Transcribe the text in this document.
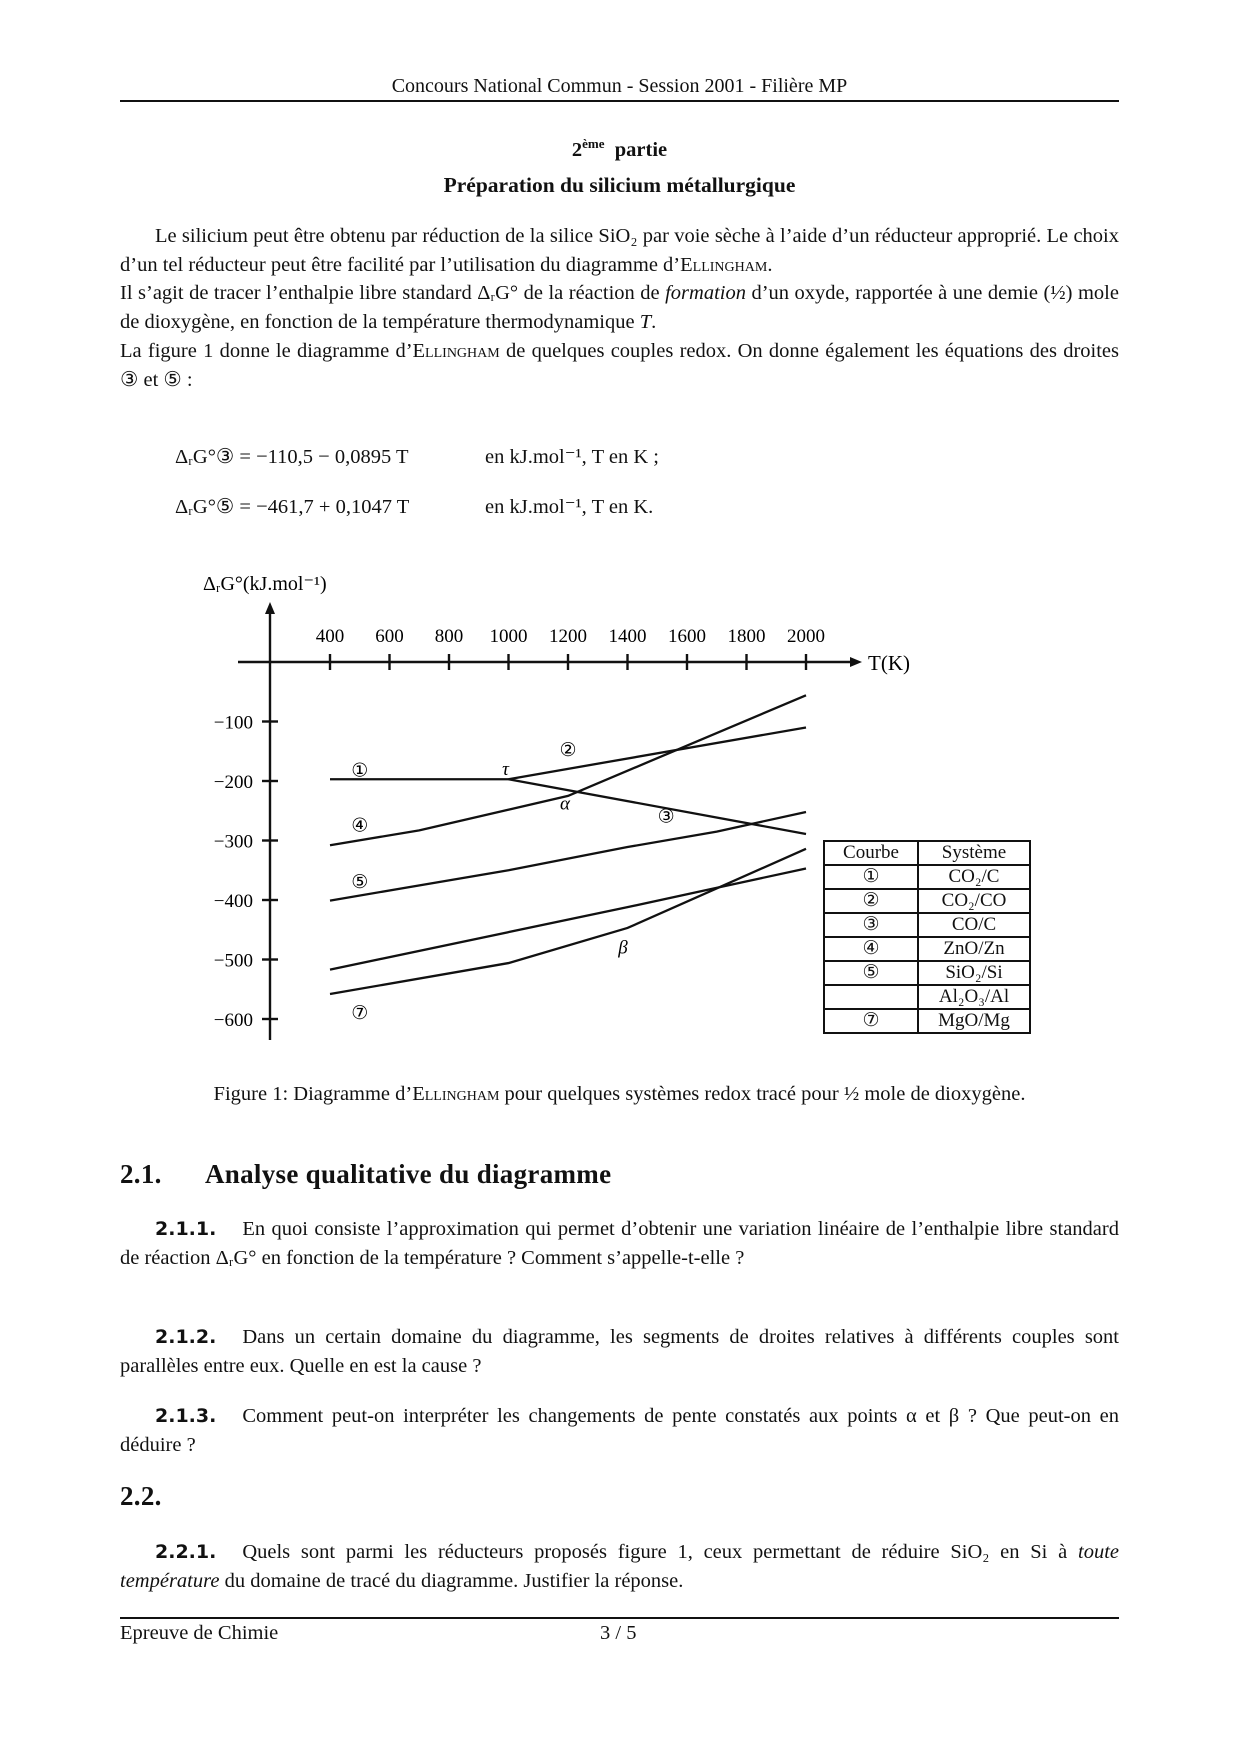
Concours National Commun - Session 2001 - Filière MP
2ème partie
Préparation du silicium métallurgique
Le silicium peut être obtenu par réduction de la silice SiO₂ par voie sèche à l’aide d’un réducteur approprié. Le choix d’un tel réducteur peut être facilité par l’utilisation du diagramme d’Ellingham.
Il s’agit de tracer l’enthalpie libre standard ΔᵣG° de la réaction de formation d’un oxyde, rapportée à une demie (½) mole de dioxygène, en fonction de la température thermodynamique T.
La figure 1 donne le diagramme d’Ellingham de quelques couples redox. On donne également les équations des droites ③ et ⑤ :
ΔᵣG°③ = −110,5 − 0,0895 T	en kJ.mol⁻¹, T en K ;
ΔᵣG°⑤ = −461,7 + 0,1047 T	en kJ.mol⁻¹, T en K.
ΔᵣG°(kJ.mol⁻¹)
T(K)
400 600 800 1000 1200 1400 1600 1800 2000
−100
−200
−300
−400
−500
−600
①
②
τ
α
③
④
⑤
β
⑦
Courbe	Système
①	CO₂/C
②	CO₂/CO
③	CO/C
④	ZnO/Zn
⑤	SiO₂/Si
	Al₂O₃/Al
⑦	MgO/Mg
Figure 1: Diagramme d’Ellingham pour quelques systèmes redox tracé pour ½ mole de dioxygène.
2.1. Analyse qualitative du diagramme
2.1.1. En quoi consiste l’approximation qui permet d’obtenir une variation linéaire de l’enthalpie libre standard de réaction ΔᵣG° en fonction de la température ? Comment s’appelle-t-elle ?
2.1.2. Dans un certain domaine du diagramme, les segments de droites relatives à différents couples sont parallèles entre eux. Quelle en est la cause ?
2.1.3. Comment peut-on interpréter les changements de pente constatés aux points α et β ? Que peut-on en déduire ?
2.2.
2.2.1. Quels sont parmi les réducteurs proposés figure 1, ceux permettant de réduire SiO₂ en Si à toute température du domaine de tracé du diagramme. Justifier la réponse.
Epreuve de Chimie	3 / 5
